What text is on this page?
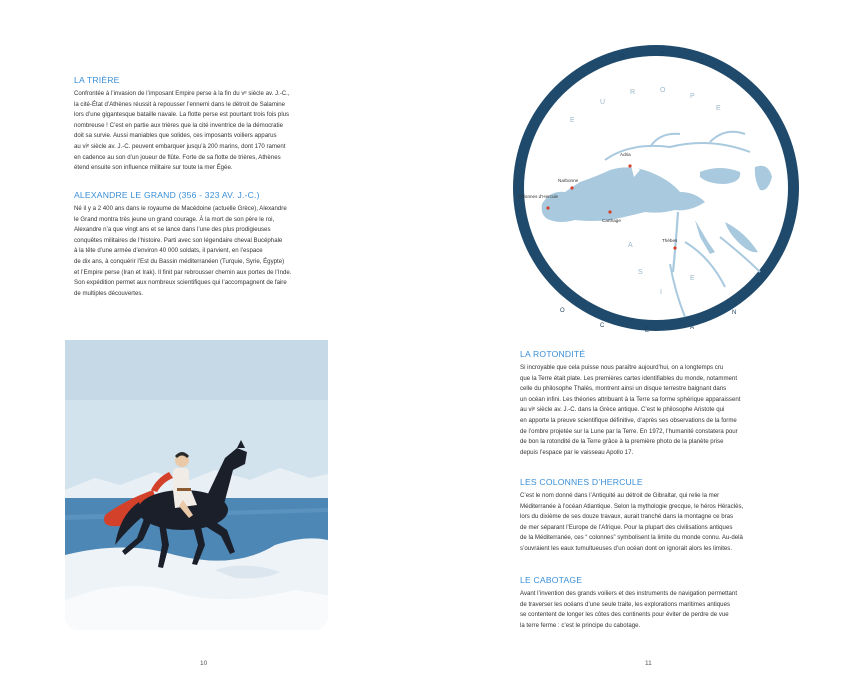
LA TRIÈRE

Confrontée à l’invasion de l’imposant Empire perse à la fin du vᵉ siècle av. J.-C.,

la cité-État d’Athènes réussit à repousser l’ennemi dans le détroit de Salamine

lors d’une gigantesque bataille navale. La flotte perse est pourtant trois fois plus

nombreuse ! C’est en partie aux trières que la cité inventrice de la démocratie

doit sa survie. Aussi maniables que solides, ces imposants voiliers apparus

au viᵉ siècle av. J.-C. peuvent embarquer jusqu’à 200 marins, dont 170 rament

en cadence au son d’un joueur de flûte. Forte de sa flotte de trières, Athènes

étend ensuite son influence militaire sur toute la mer Égée.

ALEXANDRE LE GRAND (356 - 323 AV. J.-C.)

Né il y a 2 400 ans dans le royaume de Macédoine (actuelle Grèce), Alexandre

le Grand montra très jeune un grand courage. À la mort de son père le roi,

Alexandre n’a que vingt ans et se lance dans l’une des plus prodigieuses

conquêtes militaires de l’histoire. Parti avec son légendaire cheval Bucéphale

à la tête d’une armée d’environ 40 000 soldats, il parvient, en l’espace

de dix ans, à conquérir l’Est du Bassin méditerranéen (Turquie, Syrie, Égypte)

et l’Empire perse (Iran et Irak). Il finit par rebrousser chemin aux portes de l’Inde.

Son expédition permet aux nombreux scientifiques qui l’accompagnent de faire

de multiples découvertes.

10
O	C
É
A
N
O
C
É	A
N
E
U
R	O
P
E
A
S
I
E
Narbonne
Adria
Colonnes d’Hercule
Carthage
Thèbes
LA ROTONDITÉ

Si incroyable que cela puisse nous paraître aujourd’hui, on a longtemps cru

que la Terre était plate. Les premières cartes identifiables du monde, notamment

celle du philosophe Thalès, montrent ainsi un disque terrestre baignant dans

un océan infini. Les théories attribuant à la Terre sa forme sphérique apparaissent

au viᵉ siècle av. J.-C. dans la Grèce antique. C’est le philosophe Aristote qui

en apporte la preuve scientifique définitive, d’après ses observations de la forme

de l’ombre projetée sur la Lune par la Terre. En 1972, l’humanité constatera pour

de bon la rotondité de la Terre grâce à la première photo de la planète prise

depuis l’espace par le vaisseau Apollo 17.

LES COLONNES D’HERCULE

C’est le nom donné dans l’Antiquité au détroit de Gibraltar, qui relie la mer

Méditerranée à l’océan Atlantique. Selon la mythologie grecque, le héros Héraclès,

lors du dixième de ses douze travaux, aurait tranché dans la montagne ce bras

de mer séparant l’Europe de l’Afrique. Pour la plupart des civilisations antiques

de la Méditerranée, ces “ colonnes” symbolisent la limite du monde connu. Au-delà

s’ouvraient les eaux tumultueuses d’un océan dont on ignorait alors les limites.

LE CABOTAGE

Avant l’invention des grands voiliers et des instruments de navigation permettant

de traverser les océans d’une seule traite, les explorations maritimes antiques

se contentent de longer les côtes des continents pour éviter de perdre de vue

la terre ferme : c’est le principe du cabotage.

11
